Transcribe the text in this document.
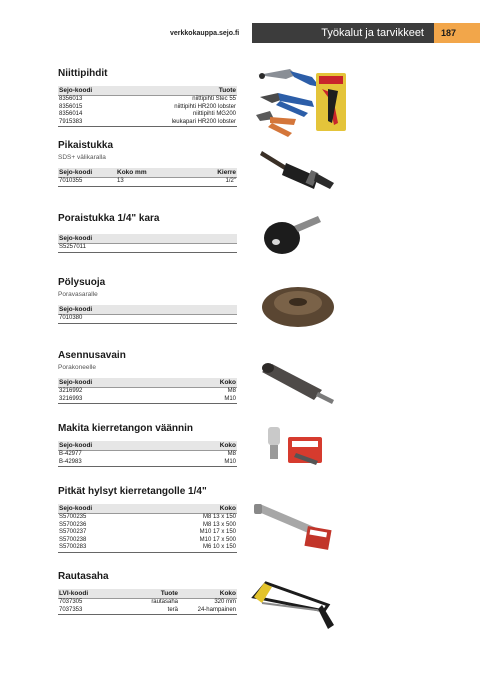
verkkokauppa.sejo.fi	Työkalut ja tarvikkeet 187
Niittipihdit
Sejo-koodi	Tuote
8356013	niittipihti Stec 55
8356015	niittipihti HR200 lobster
8356014	niittipihti MG200
7915383	leukapari HR200 lobster
Pikaistukka

SDS+ välikaralla

Sejo-koodi	Koko mm	Kierre
7010355	13	1/2"
Poraistukka 1/4" kara
Sejo-koodi
S5257011
Pölysuoja

Poravasaralle

Sejo-koodi
7010380
Asennusavain

Porakoneelle

Sejo-koodi	Koko
3216992	M8
3216993	M10
Makita kierretangon väännin
Sejo-koodi	Koko
B-42977	M8
B-42983	M10
Pitkät hylsyt kierretangolle 1/4"
Sejo-koodi	Koko
S5700235	M8 13 x 150
S5700236	M8 13 x 500
S5700237	M10 17 x 150
S5700238	M10 17 x 500
S5700283	M6 10 x 150
Rautasaha
LVI-koodi	Tuote	Koko
7037305	rautasaha	320 mm
7037353	terä	24-hampainen
